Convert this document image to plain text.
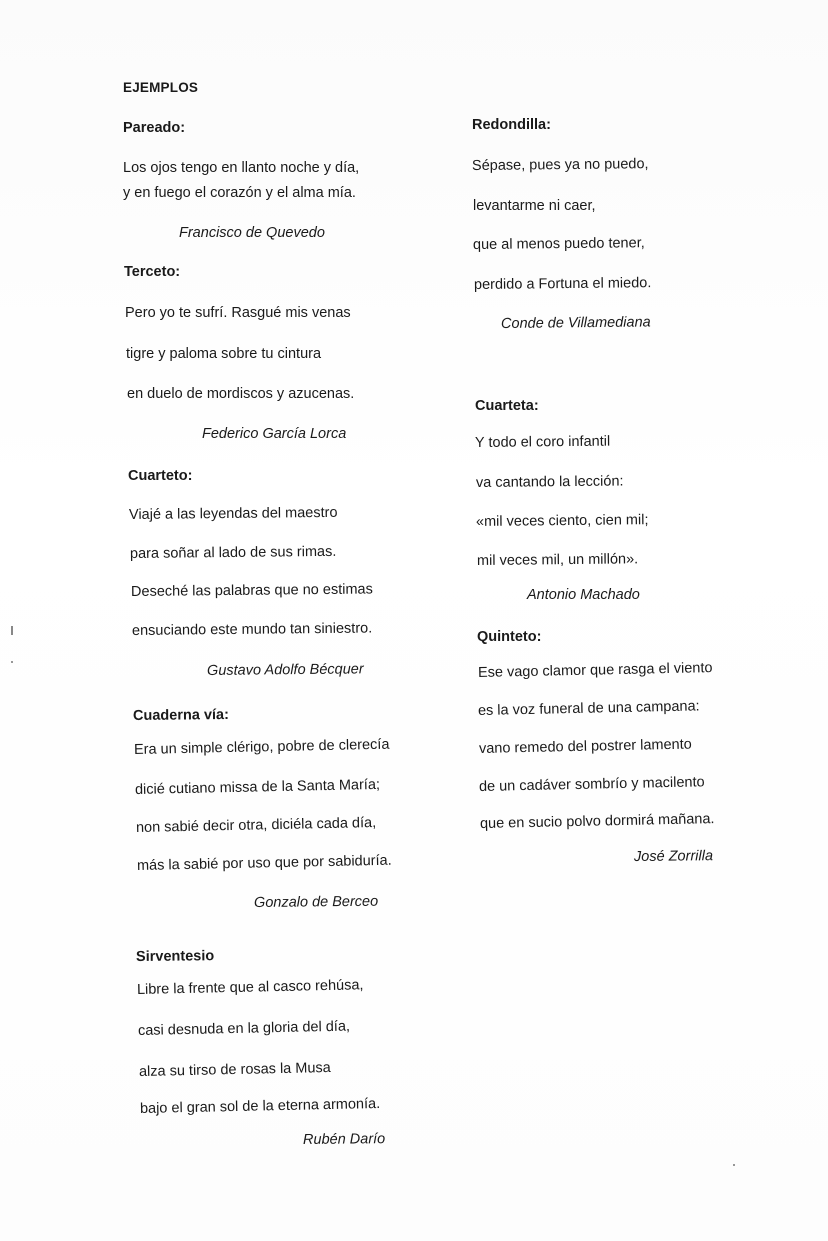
EJEMPLOS
Pareado:
Los ojos tengo en llanto noche y día,
y en fuego el corazón y el alma mía.
Francisco de Quevedo
Terceto:
Pero yo te sufrí. Rasgué mis venas
tigre y paloma sobre tu cintura
en duelo de mordiscos y azucenas.
Federico García Lorca
Cuarteto:
Viajé a las leyendas del maestro
para soñar al lado de sus rimas.
Deseché las palabras que no estimas
ensuciando este mundo tan siniestro.
Gustavo Adolfo Bécquer
Cuaderna vía:
Era un simple clérigo, pobre de clerecía
dicié cutiano missa de la Santa María;
non sabié decir otra, diciéla cada día,
más la sabié por uso que por sabiduría.
Gonzalo de Berceo
Sirventesio
Libre la frente que al casco rehúsa,
casi desnuda en la gloria del día,
alza su tirso de rosas la Musa
bajo el gran sol de la eterna armonía.
Rubén Darío
Redondilla:
Sépase, pues ya no puedo,
levantarme ni caer,
que al menos puedo tener,
perdido a Fortuna el miedo.
Conde de Villamediana
Cuarteta:
Y todo el coro infantil
va cantando la lección:
«mil veces ciento, cien mil;
mil veces mil, un millón».
Antonio Machado
Quinteto:
Ese vago clamor que rasga el viento
es la voz funeral de una campana:
vano remedo del postrer lamento
de un cadáver sombrío y macilento
que en sucio polvo dormirá mañana.
José Zorrilla
